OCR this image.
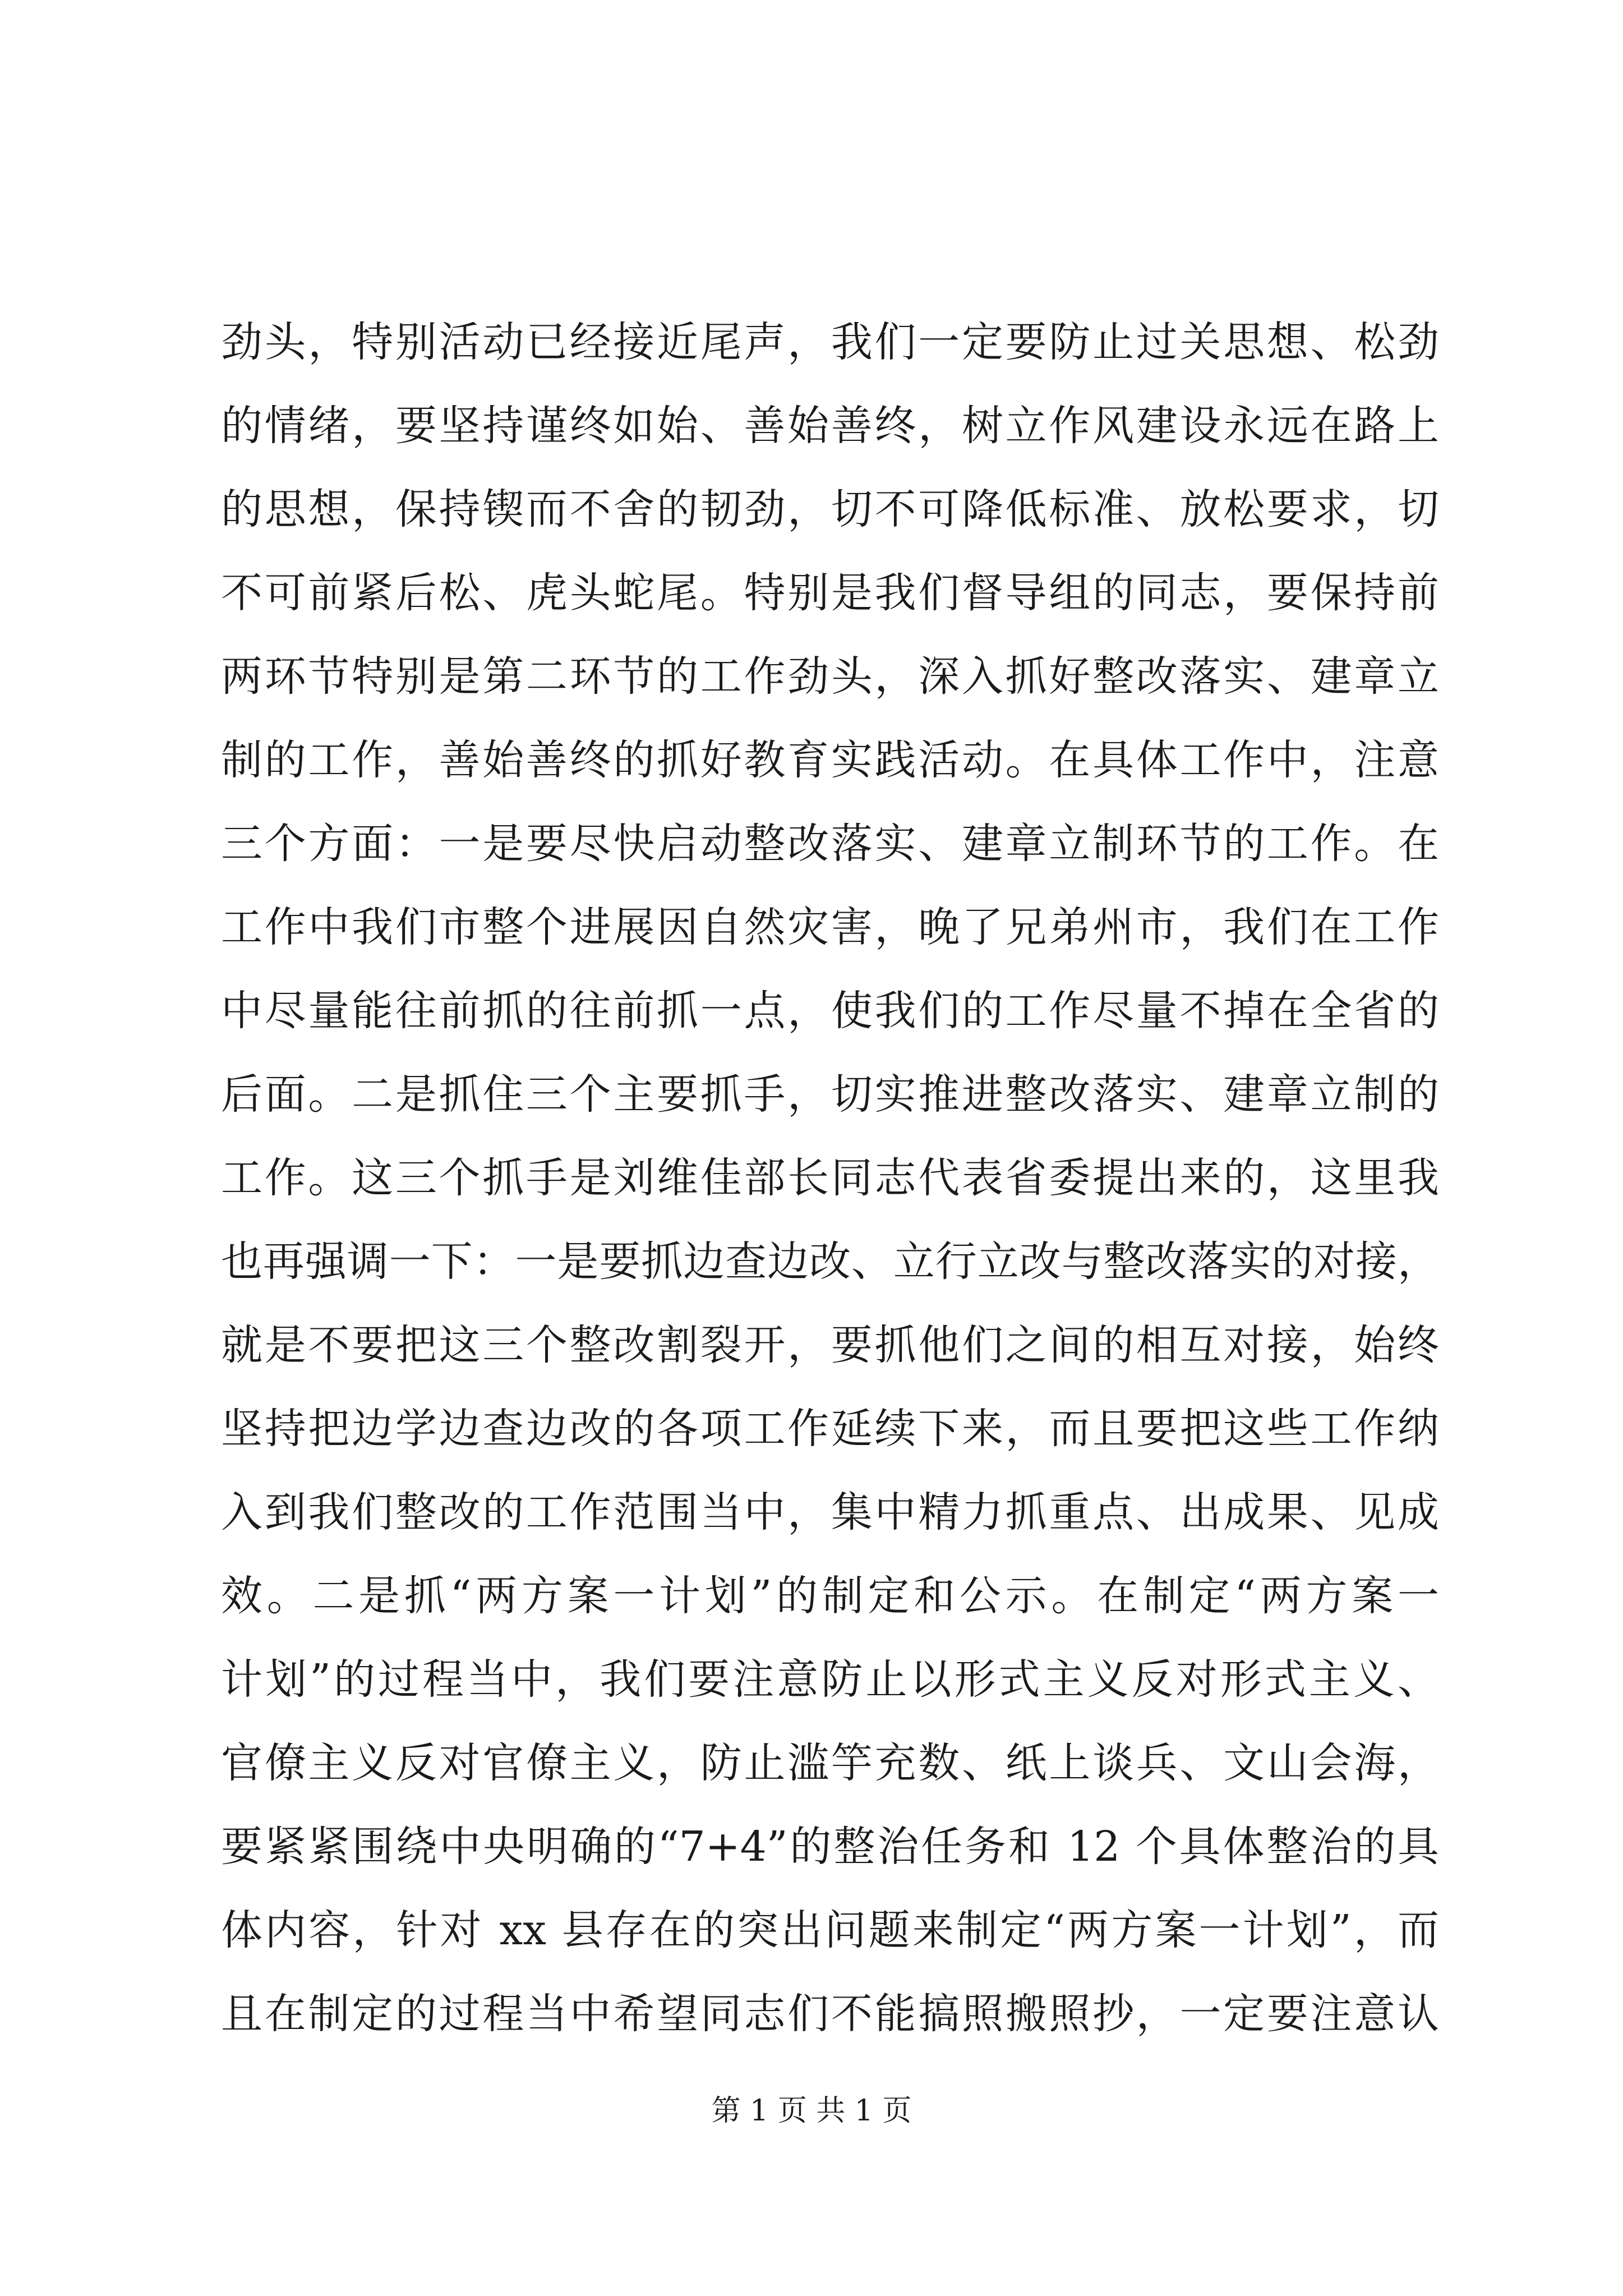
劲头，特别活动已经接近尾声，我们一定要防止过关思想、松劲
的情绪，要坚持谨终如始、善始善终，树立作风建设永远在路上
的思想，保持锲而不舍的韧劲，切不可降低标准、放松要求，切
不可前紧后松、虎头蛇尾。特别是我们督导组的同志，要保持前
两环节特别是第二环节的工作劲头，深入抓好整改落实、建章立
制的工作，善始善终的抓好教育实践活动。在具体工作中，注意
三个方面：一是要尽快启动整改落实、建章立制环节的工作。在
工作中我们市整个进展因自然灾害，晚了兄弟州市，我们在工作
中尽量能往前抓的往前抓一点，使我们的工作尽量不掉在全省的
后面。二是抓住三个主要抓手，切实推进整改落实、建章立制的
工作。这三个抓手是刘维佳部长同志代表省委提出来的，这里我
也再强调一下：一是要抓边查边改、立行立改与整改落实的对接，
就是不要把这三个整改割裂开，要抓他们之间的相互对接，始终
坚持把边学边查边改的各项工作延续下来，而且要把这些工作纳
入到我们整改的工作范围当中，集中精力抓重点、出成果、见成
效。二是抓“两方案一计划”的制定和公示。在制定“两方案一
计划”的过程当中，我们要注意防止以形式主义反对形式主义、
官僚主义反对官僚主义，防止滥竽充数、纸上谈兵、文山会海，
要紧紧围绕中央明确的“7+4”的整治任务和 12 个具体整治的具
体内容，针对 xx 县存在的突出问题来制定“两方案一计划”，而
且在制定的过程当中希望同志们不能搞照搬照抄，一定要注意认
第 1 页 共 1 页
